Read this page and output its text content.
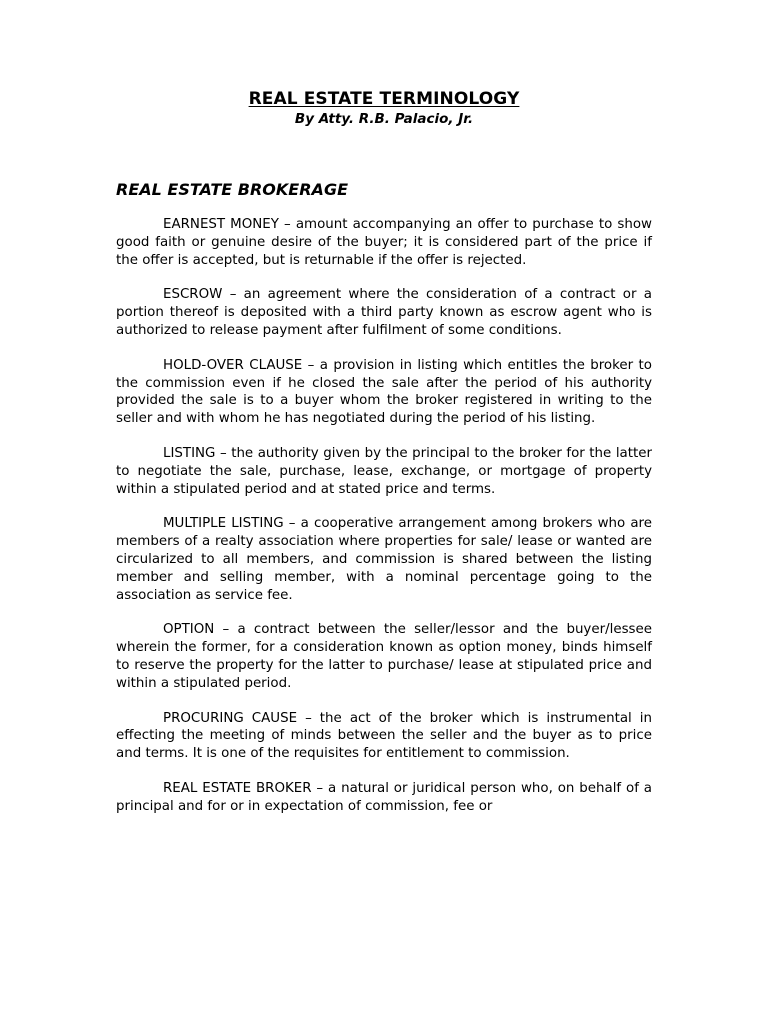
REAL ESTATE TERMINOLOGY

By Atty. R.B. Palacio, Jr.

REAL ESTATE BROKERAGE

EARNEST MONEY – amount accompanying an offer to purchase to show good faith or genuine desire of the buyer; it is considered part of the price if the offer is accepted, but is returnable if the offer is rejected.

ESCROW – an agreement where the consideration of a contract or a portion thereof is deposited with a third party known as escrow agent who is authorized to release payment after fulfilment of some conditions.

HOLD-OVER CLAUSE – a provision in listing which entitles the broker to the commission even if he closed the sale after the period of his authority provided the sale is to a buyer whom the broker registered in writing to the seller and with whom he has negotiated during the period of his listing.

LISTING – the authority given by the principal to the broker for the latter to negotiate the sale, purchase, lease, exchange, or mortgage of property within a stipulated period and at stated price and terms.

MULTIPLE LISTING – a cooperative arrangement among brokers who are members of a realty association where properties for sale/ lease or wanted are circularized to all members, and commission is shared between the listing member and selling member, with a nominal percentage going to the association as service fee.

OPTION – a contract between the seller/lessor and the buyer/lessee wherein the former, for a consideration known as option money, binds himself to reserve the property for the latter to purchase/ lease at stipulated price and within a stipulated period.

PROCURING CAUSE – the act of the broker which is instrumental in effecting the meeting of minds between the seller and the buyer as to price and terms. It is one of the requisites for entitlement to commission.

REAL ESTATE BROKER – a natural or juridical person who, on behalf of a principal and for or in expectation of commission, fee or
